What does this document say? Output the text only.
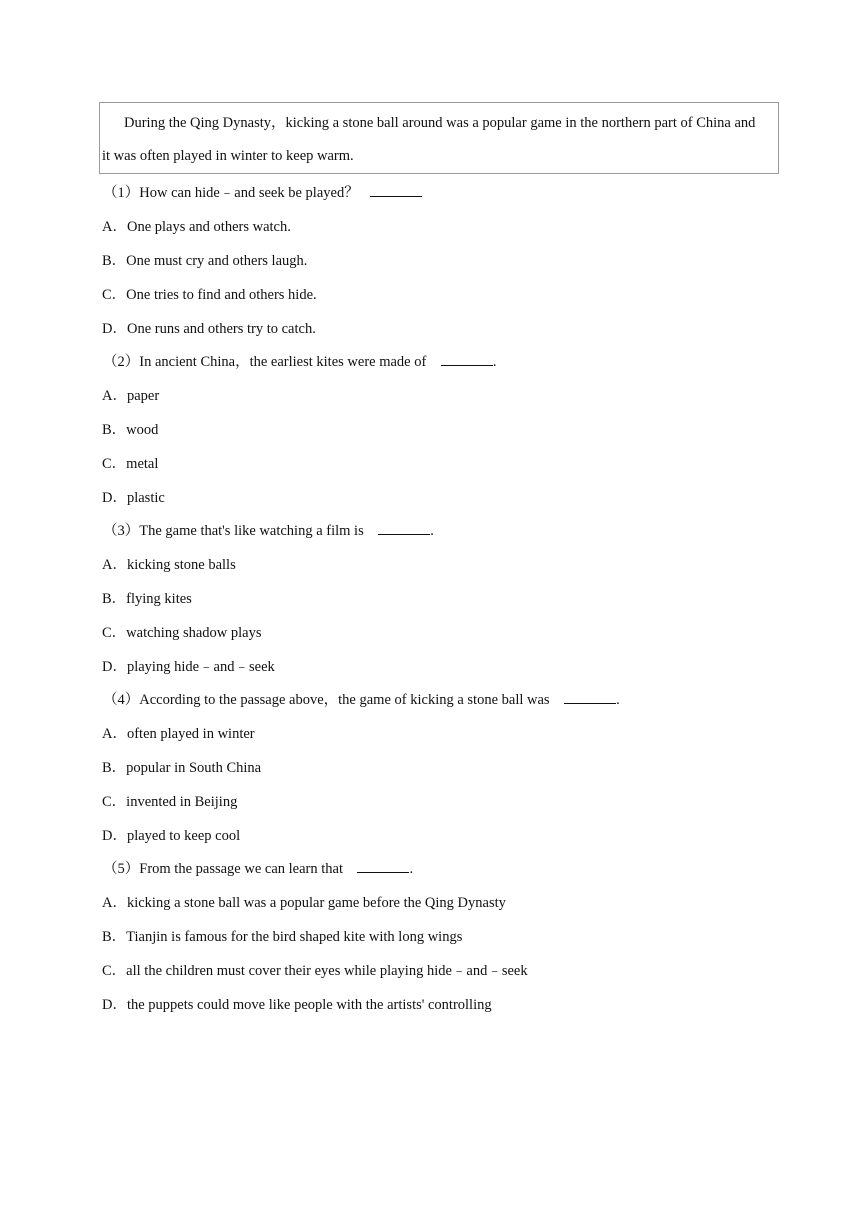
During the Qing Dynasty，kicking a stone ball around was a popular game in the northern part of China and
it was often played in winter to keep warm.
（1）How can hide﹣and seek be played？
A．One plays and others watch.
B．One must cry and others laugh.
C．One tries to find and others hide.
D．One runs and others try to catch.
（2）In ancient China，the earliest kites were made of	.
A．paper
B．wood
C．metal
D．plastic
（3）The game that's like watching a film is	.
A．kicking stone balls
B．flying kites
C．watching shadow plays
D．playing hide﹣and﹣seek
（4）According to the passage above，the game of kicking a stone ball was	.
A．often played in winter
B．popular in South China
C．invented in Beijing
D．played to keep cool
（5）From the passage we can learn that	.
A．kicking a stone ball was a popular game before the Qing Dynasty
B．Tianjin is famous for the bird shaped kite with long wings
C．all the children must cover their eyes while playing hide﹣and﹣seek
D．the puppets could move like people with the artists' controlling
